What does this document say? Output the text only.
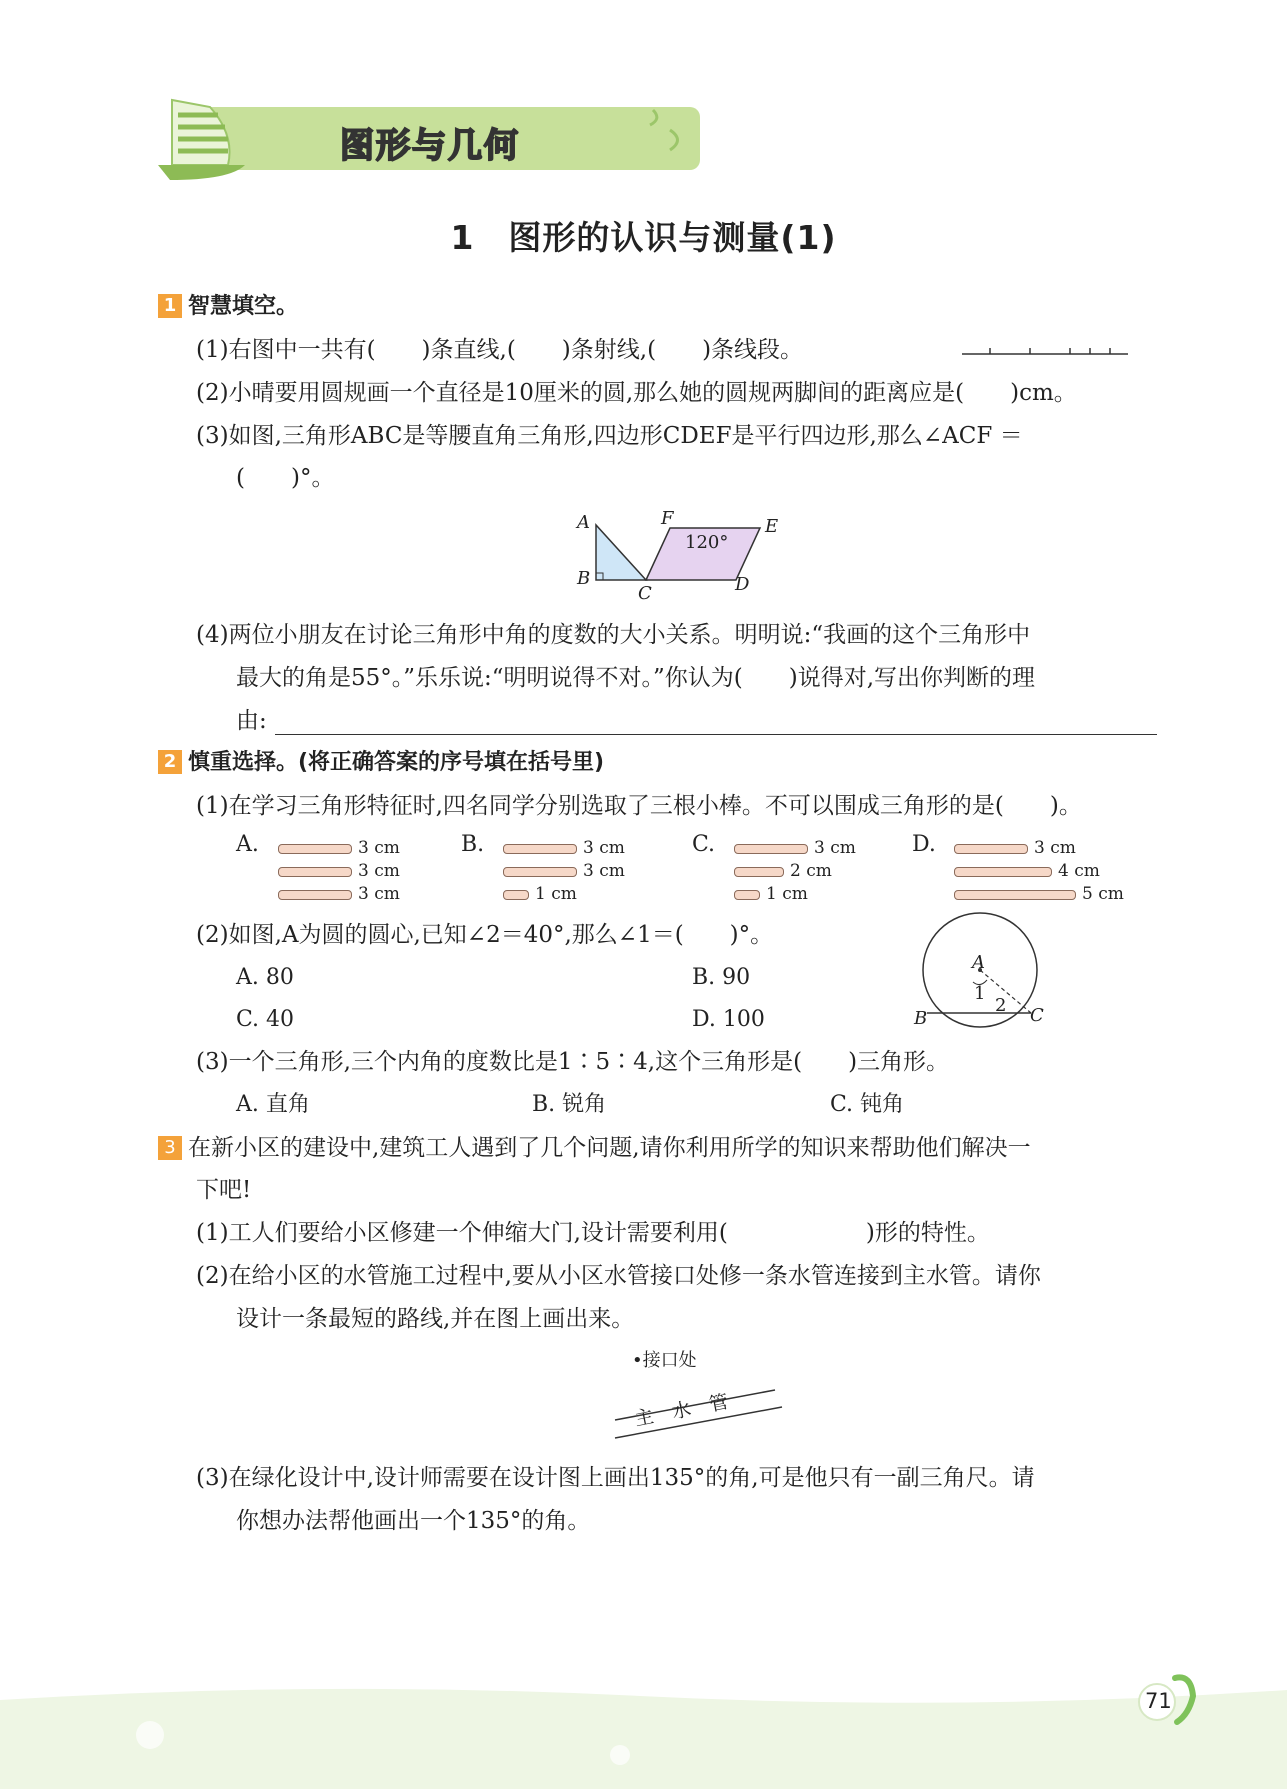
图形与几何
1　图形的认识与测量(1)
1 智慧填空。
(1)右图中一共有(　　)条直线,(　　)条射线,(　　)条线段。
(2)小晴要用圆规画一个直径是10厘米的圆,那么她的圆规两脚间的距离应是(　　)cm。
(3)如图,三角形ABC是等腰直角三角形,四边形CDEF是平行四边形,那么∠ACF ＝
(　　)°。
A
B
C	D
E
F
120°
(4)两位小朋友在讨论三角形中角的度数的大小关系。明明说:“我画的这个三角形中
最大的角是55°。”乐乐说:“明明说得不对。”你认为(　　)说得对,写出你判断的理
由:
2 慎重选择。(将正确答案的序号填在括号里)
(1)在学习三角形特征时,四名同学分别选取了三根小棒。不可以围成三角形的是(　　)。
A.	3 cm
3 cm
3 cm
B.	3 cm
3 cm
1 cm
C.	3 cm
2 cm
1 cm
D.	3 cm
4 cm
5 cm
(2)如图,A为圆的圆心,已知∠2＝40°,那么∠1＝(　　)°。
A. 80	B. 90
C. 40	D. 100
A
1
2
B	C
(3)一个三角形,三个内角的度数比是1∶5∶4,这个三角形是(　　)三角形。
A. 直角	B. 锐角	C. 钝角
3 在新小区的建设中,建筑工人遇到了几个问题,请你利用所学的知识来帮助他们解决一
下吧!
(1)工人们要给小区修建一个伸缩大门,设计需要利用(　　　　　　)形的特性。
(2)在给小区的水管施工过程中,要从小区水管接口处修一条水管连接到主水管。请你
设计一条最短的路线,并在图上画出来。
•接口处
主　水　管
(3)在绿化设计中,设计师需要在设计图上画出135°的角,可是他只有一副三角尺。请
你想办法帮他画出一个135°的角。
71
